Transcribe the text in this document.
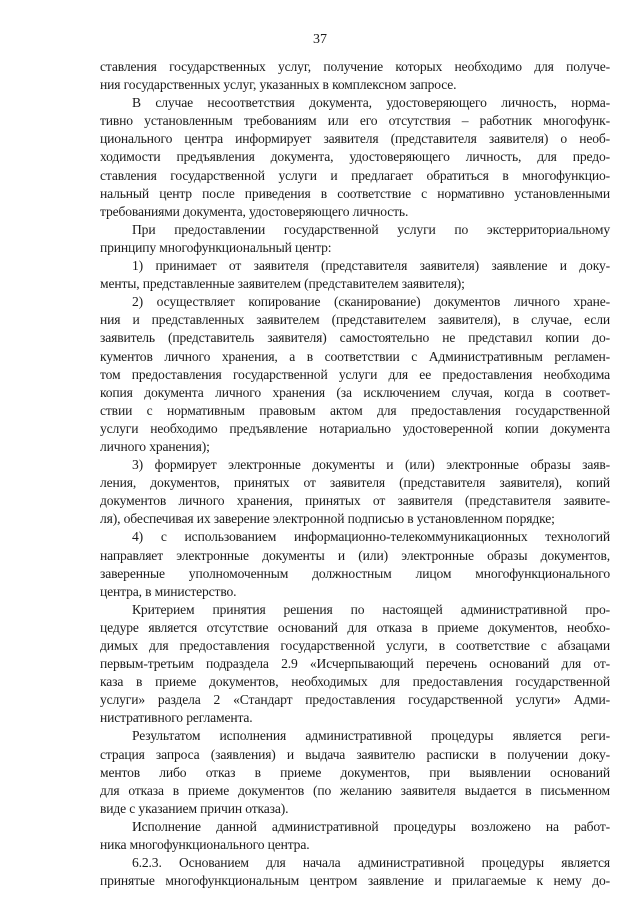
37
ставления государственных услуг, получение которых необходимо для получе-
ния государственных услуг, указанных в комплексном запросе.
В случае несоответствия документа, удостоверяющего личность, норма-
тивно установленным требованиям или его отсутствия – работник многофунк-
ционального центра информирует заявителя (представителя заявителя) о необ-
ходимости предъявления документа, удостоверяющего личность, для предо-
ставления государственной услуги и предлагает обратиться в многофункцио-
нальный центр после приведения в соответствие с нормативно установленными
требованиями документа, удостоверяющего личность.
При предоставлении государственной услуги по экстерриториальному
принципу многофункциональный центр:
1) принимает от заявителя (представителя заявителя) заявление и доку-
менты, представленные заявителем (представителем заявителя);
2) осуществляет копирование (сканирование) документов личного хране-
ния и представленных заявителем (представителем заявителя), в случае, если
заявитель (представитель заявителя) самостоятельно не представил копии до-
кументов личного хранения, а в соответствии с Административным регламен-
том предоставления государственной услуги для ее предоставления необходима
копия документа личного хранения (за исключением случая, когда в соответ-
ствии с нормативным правовым актом для предоставления государственной
услуги необходимо предъявление нотариально удостоверенной копии документа
личного хранения);
3) формирует электронные документы и (или) электронные образы заяв-
ления, документов, принятых от заявителя (представителя заявителя), копий
документов личного хранения, принятых от заявителя (представителя заявите-
ля), обеспечивая их заверение электронной подписью в установленном порядке;
4) с использованием информационно-телекоммуникационных технологий
направляет электронные документы и (или) электронные образы документов,
заверенные уполномоченным должностным лицом многофункционального
центра, в министерство.
Критерием принятия решения по настоящей административной про-
цедуре является отсутствие оснований для отказа в приеме документов, необхо-
димых для предоставления государственной услуги, в соответствие с абзацами
первым-третьим подраздела 2.9 «Исчерпывающий перечень оснований для от-
каза в приеме документов, необходимых для предоставления государственной
услуги» раздела 2 «Стандарт предоставления государственной услуги» Адми-
нистративного регламента.
Результатом исполнения административной процедуры является реги-
страция запроса (заявления) и выдача заявителю расписки в получении доку-
ментов либо отказ в приеме документов, при выявлении оснований
для отказа в приеме документов (по желанию заявителя выдается в письменном
виде с указанием причин отказа).
Исполнение данной административной процедуры возложено на работ-
ника многофункционального центра.
6.2.3. Основанием для начала административной процедуры является
принятые многофункциональным центром заявление и прилагаемые к нему до-
